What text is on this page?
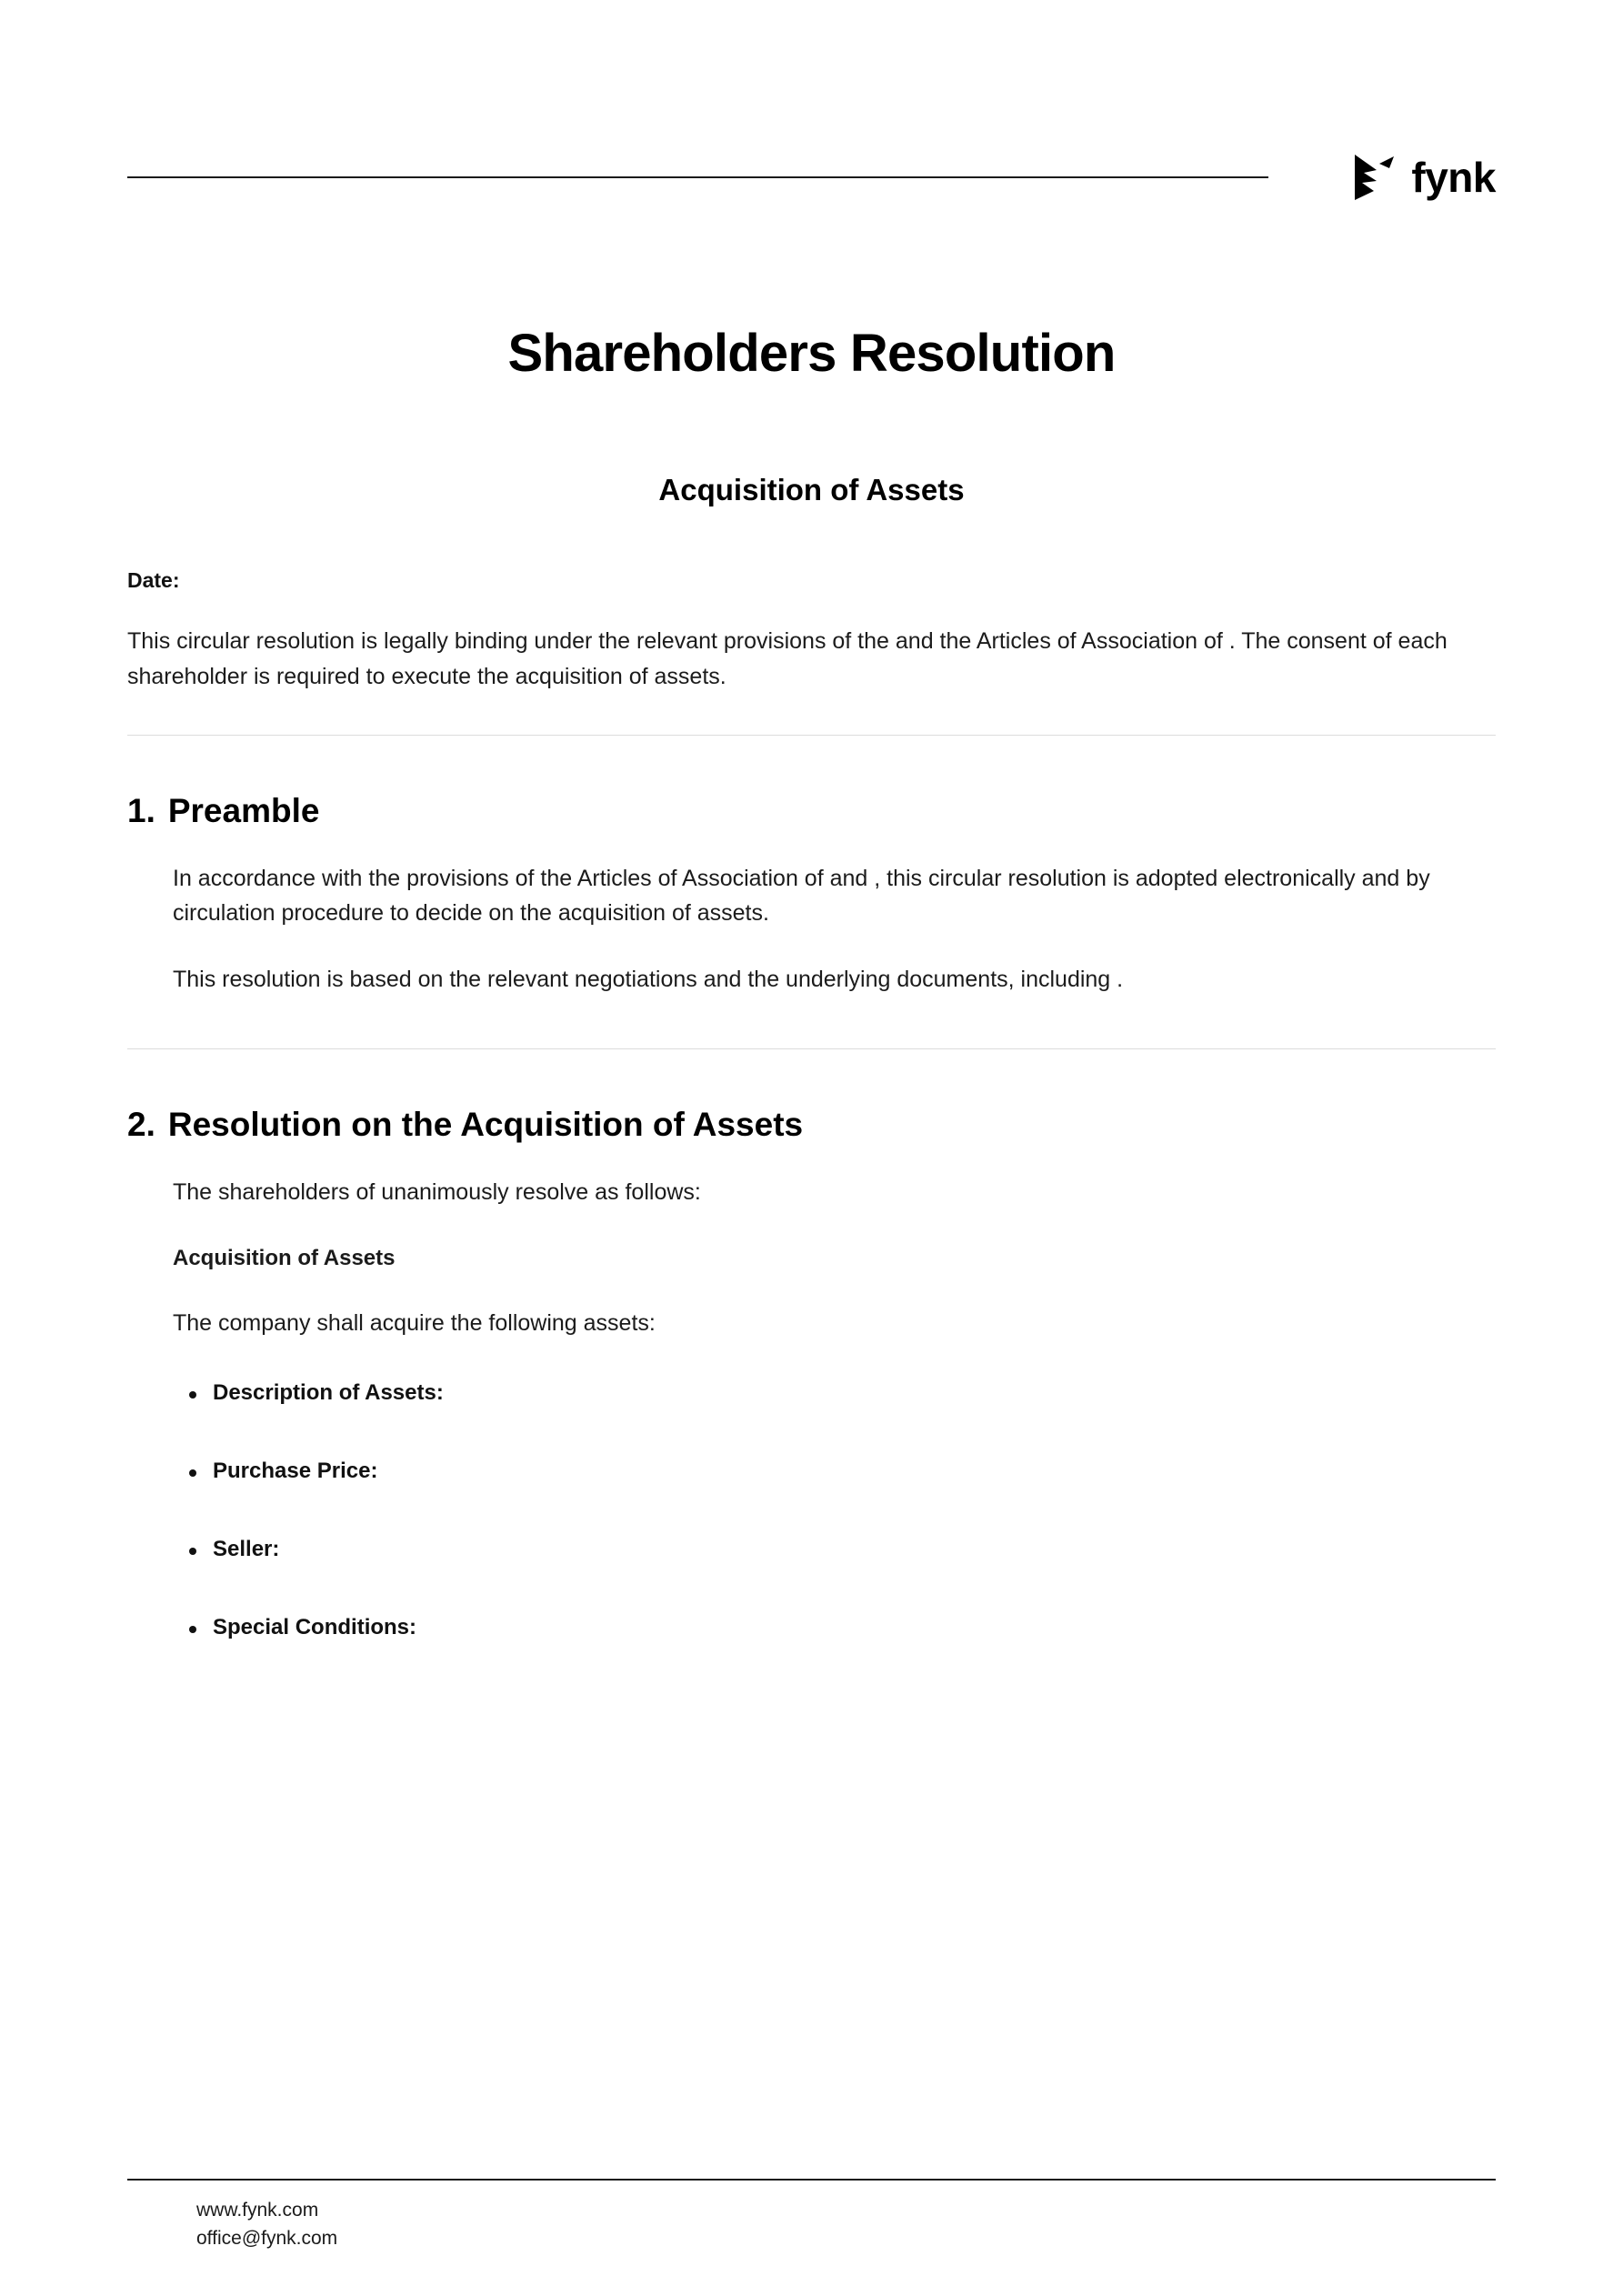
fynk
Shareholders Resolution
Acquisition of Assets
Date:

This circular resolution is legally binding under the relevant provisions of the and the Articles of Association of . The consent of each shareholder is required to execute the acquisition of assets.

1. Preamble

In accordance with the provisions of the Articles of Association of and , this circular resolution is adopted electronically and by circulation procedure to decide on the acquisition of assets.

This resolution is based on the relevant negotiations and the underlying documents, including .

2. Resolution on the Acquisition of Assets

The shareholders of unanimously resolve as follows:

Acquisition of Assets

The company shall acquire the following assets:

Description of Assets:
Purchase Price:
Seller:
Special Conditions:
www.fynk.com
office@fynk.com
